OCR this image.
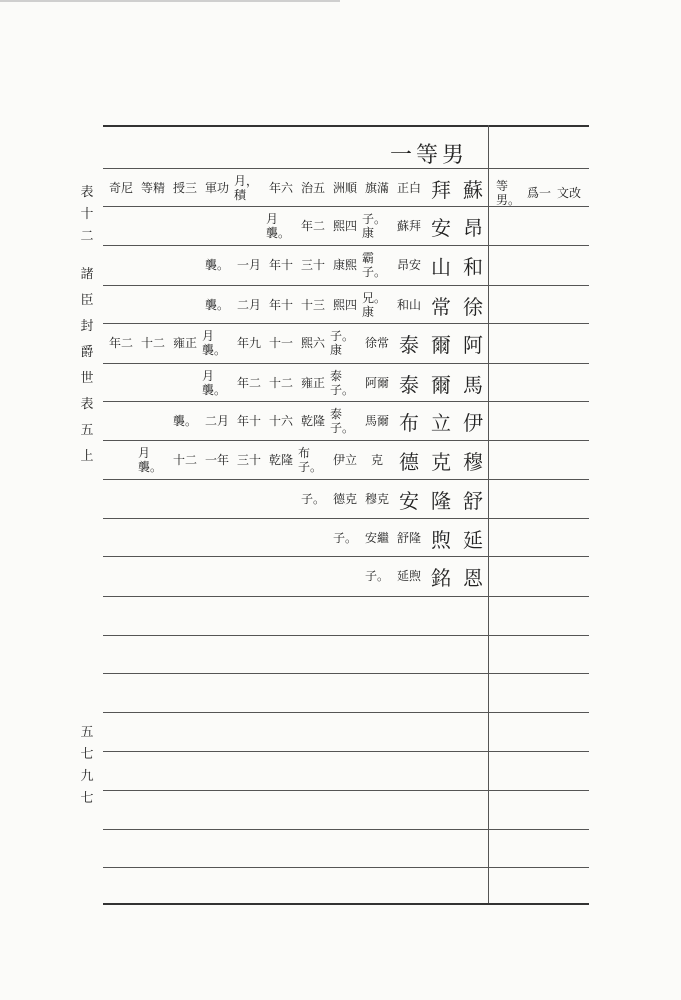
表十二
諸臣封爵世表五上
五七九七
一等男
蘇
拜
正白
旗滿
洲順
治五
年六
月，積
軍功
授三
等精
奇尼
昂
安
蘇拜
子。康
熙四
年二
月襲。
和
山
昂安
霸子。
康熙
三十
年十
一月
襲。
徐
常
和山
兄。康
熙四
十三
年十
二月
襲。
阿
爾
泰
徐常
子。康
熙六
十一
年九
月襲。
雍正
十二
年二
馬
爾
泰
阿爾
泰子。
雍正
十二
年二
月襲。
伊
立
布
馬爾
泰子。
乾隆
十六
年十
二月
襲。
穆
克
德
克
伊立
布子。
乾隆
三十
一年
十二
月襲。
舒
隆
安
穆克
德克
子。
延
煦
舒隆
安繼
子。
恩
銘
延煦
子。
文改
爲一
等男。
